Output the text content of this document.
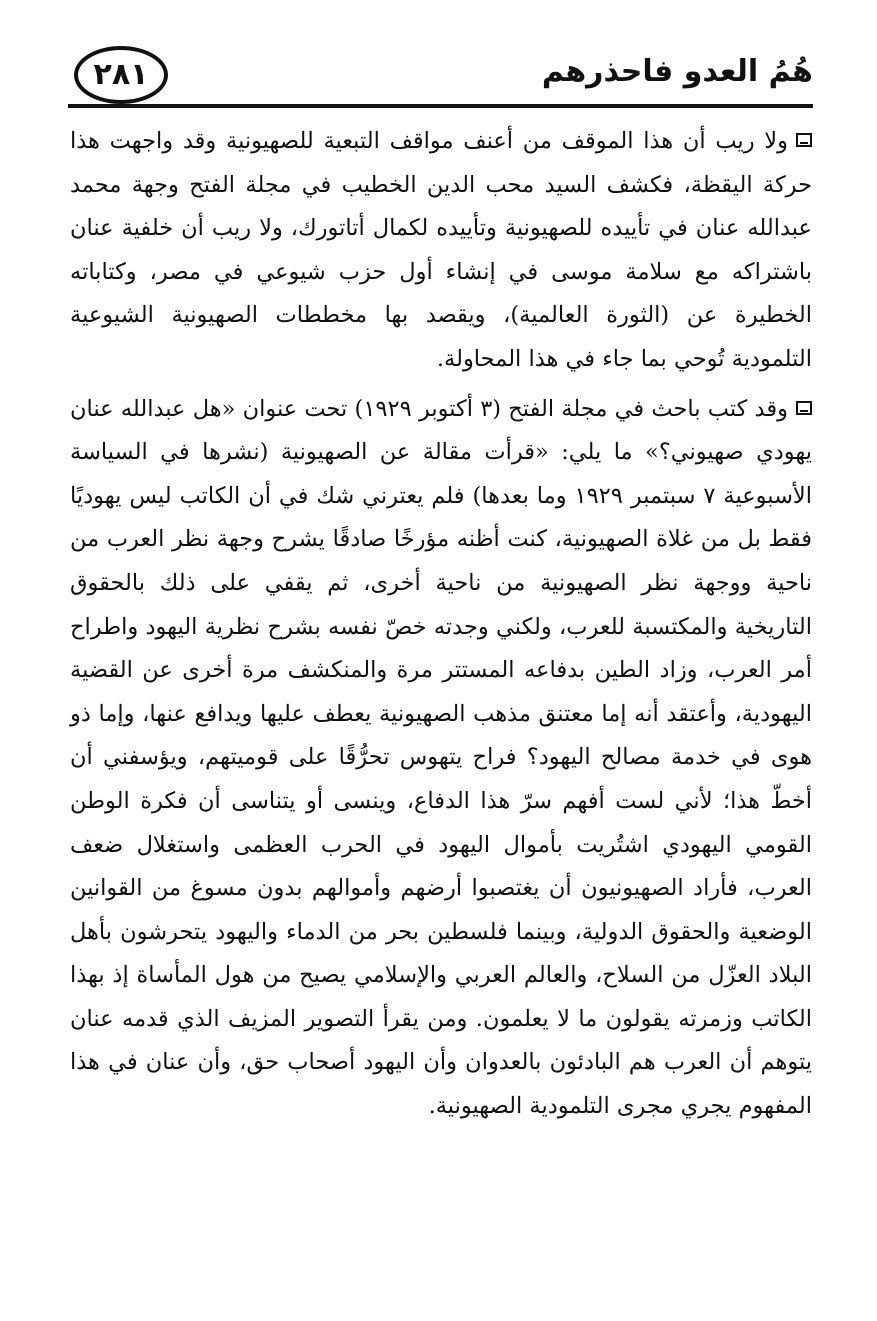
هُمُ العدو فاحذرهم
٢٨١

ولا ريب أن هذا الموقف من أعنف مواقف التبعية للصهيونية وقد واجهت هذا حركة اليقظة، فكشف السيد محب الدين الخطيب في مجلة الفتح وجهة محمد عبدالله عنان في تأييده للصهيونية وتأييده لكمال أتاتورك، ولا ريب أن خلفية عنان باشتراكه مع سلامة موسى في إنشاء أول حزب شيوعي في مصر، وكتاباته الخطيرة عن (الثورة العالمية)، ويقصد بها مخططات الصهيونية الشيوعية التلمودية تُوحي بما جاء في هذا المحاولة.

وقد كتب باحث في مجلة الفتح (٣ أكتوبر ١٩٢٩) تحت عنوان «هل عبدالله عنان يهودي صهيوني؟» ما يلي: «قرأت مقالة عن الصهيونية (نشرها في السياسة الأسبوعية ٧ سبتمبر ١٩٢٩ وما بعدها) فلم يعترني شك في أن الكاتب ليس يهوديًا فقط بل من غلاة الصهيونية، كنت أظنه مؤرخًا صادقًا يشرح وجهة نظر العرب من ناحية ووجهة نظر الصهيونية من ناحية أخرى، ثم يقفي على ذلك بالحقوق التاريخية والمكتسبة للعرب، ولكني وجدته خصّ نفسه بشرح نظرية اليهود واطراح أمر العرب، وزاد الطين بدفاعه المستتر مرة والمنكشف مرة أخرى عن القضية اليهودية، وأعتقد أنه إما معتنق مذهب الصهيونية يعطف عليها ويدافع عنها، وإما ذو هوى في خدمة مصالح اليهود؟ فراح يتهوس تحرُّقًا على قوميتهم، ويؤسفني أن أخطّ هذا؛ لأني لست أفهم سرّ هذا الدفاع، وينسى أو يتناسى أن فكرة الوطن القومي اليهودي اشتُريت بأموال اليهود في الحرب العظمى واستغلال ضعف العرب، فأراد الصهيونيون أن يغتصبوا أرضهم وأموالهم بدون مسوغ من القوانين الوضعية والحقوق الدولية، وبينما فلسطين بحر من الدماء واليهود يتحرشون بأهل البلاد العزّل من السلاح، والعالم العربي والإسلامي يصيح من هول المأساة إذ بهذا الكاتب وزمرته يقولون ما لا يعلمون. ومن يقرأ التصوير المزيف الذي قدمه عنان يتوهم أن العرب هم البادئون بالعدوان وأن اليهود أصحاب حق، وأن عنان في هذا المفهوم يجري مجرى التلمودية الصهيونية.
